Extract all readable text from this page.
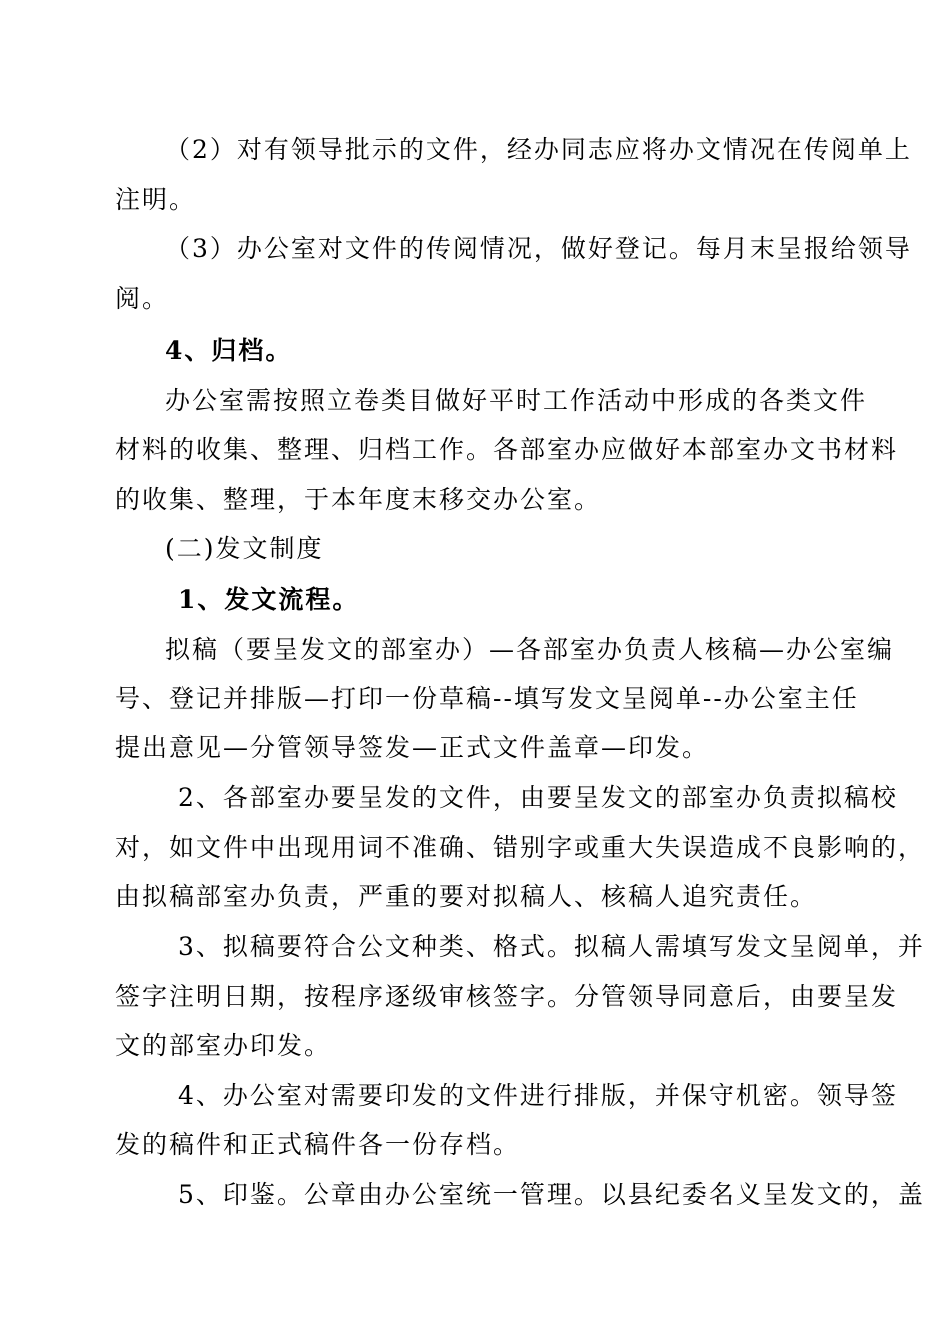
（2）对有领导批示的文件，经办同志应将办文情况在传阅单上
注明。
（3）办公室对文件的传阅情况，做好登记。每月末呈报给领导
阅。
4、归档。
办公室需按照立卷类目做好平时工作活动中形成的各类文件
材料的收集、整理、归档工作。各部室办应做好本部室办文书材料
的收集、整理，于本年度末移交办公室。
(二)发文制度
1、发文流程。
拟稿（要呈发文的部室办）—各部室办负责人核稿—办公室编
号、登记并排版—打印一份草稿--填写发文呈阅单--办公室主任
提出意见—分管领导签发—正式文件盖章—印发。
2、各部室办要呈发的文件，由要呈发文的部室办负责拟稿校
对，如文件中出现用词不准确、错别字或重大失误造成不良影响的，
由拟稿部室办负责，严重的要对拟稿人、核稿人追究责任。
3、拟稿要符合公文种类、格式。拟稿人需填写发文呈阅单，并
签字注明日期，按程序逐级审核签字。分管领导同意后，由要呈发
文的部室办印发。
4、办公室对需要印发的文件进行排版，并保守机密。领导签
发的稿件和正式稿件各一份存档。
5、印鉴。公章由办公室统一管理。以县纪委名义呈发文的，盖
